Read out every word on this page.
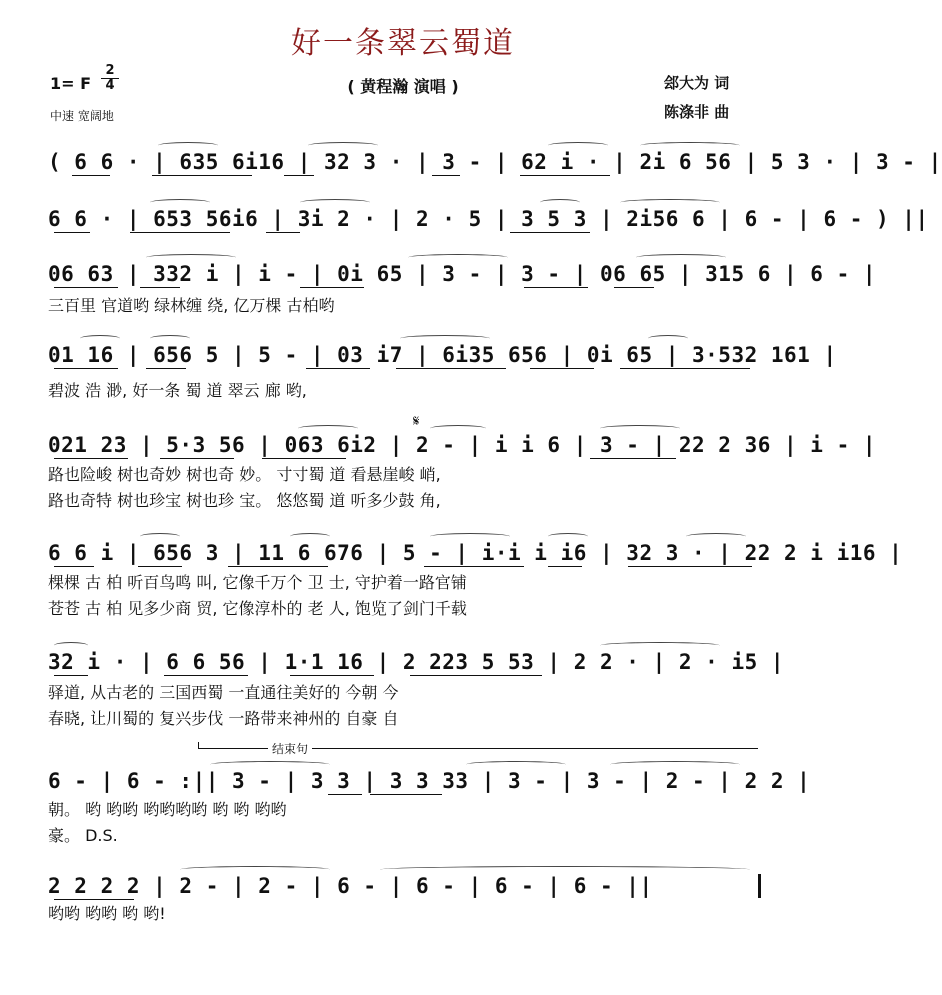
好一条翠云蜀道
( 黄程瀚 演唱 )
1= F
2
4
中速 宽阔地
郐大为 词
陈涤非 曲
( 6 6 · | 635 6i16 | 32 3 · | 3 - | 62 i · | 2i 6 56 | 5 3 · | 3 - |
6 6 · | 653 56i6 | 3i 2 · | 2 · 5 | 3 5 3 | 2i56 6 | 6 - | 6 - ) ||
06 63 | 332 i | i - | 0i 65 | 3 - | 3 - | 06 65 | 315 6 | 6 - |
01 16 | 656 5 | 5 - | 03 i7 | 6i35 656 | 0i 65 | 3·532 161 |
021 23 | 5·3 56 | 063 6i2 | 2 - | i i 6 | 3 - | 22 2 36 | i - |
6 6 i | 656 3 | 11 6 676 | 5 - | i·i i i6 | 32 3 · | 22 2 i i16 |
32 i · | 6 6 56 | 1·1 16 | 2 223 5 53 | 2 2 · | 2 · i5 |
6 - | 6 - :|| 3 - | 3 3 | 3 3 33 | 3 - | 3 - | 2 - | 2 2 |
2 2 2 2 | 2 - | 2 - | 6 - | 6 - | 6 - | 6 - ||
三百里 官道哟 绿林缠 绕, 亿万棵 古柏哟
碧波 浩 渺, 好一条 蜀 道 翠云 廊 哟,
路也险峻 树也奇妙 树也奇 妙。 寸寸蜀 道 看悬崖峻 峭,
路也奇特 树也珍宝 树也珍 宝。 悠悠蜀 道 听多少鼓 角,
棵棵 古 柏 听百鸟鸣 叫, 它像千万个 卫 士, 守护着一路官铺
苍苍 古 柏 见多少商 贸, 它像淳朴的 老 人, 饱览了剑门千载
驿道, 从古老的 三国西蜀 一直通往美好的 今朝 今
春晓, 让川蜀的 复兴步伐 一路带来神州的 自豪 自
朝。 哟 哟哟 哟哟哟哟 哟 哟 哟哟
豪。 D.S.
哟哟 哟哟 哟 哟!
结束句
𝄋
